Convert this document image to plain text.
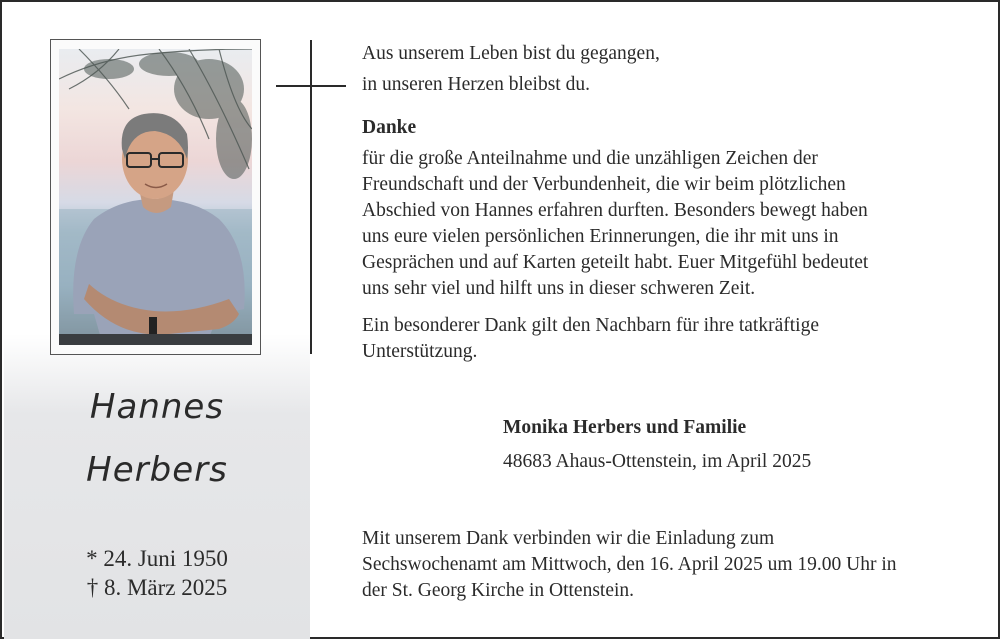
Hannes
Herbers
* 24. Juni 1950
† 8. März 2025
Aus unserem Leben bist du gegangen,
in unseren Herzen bleibst du.
Danke
für die große Anteilnahme und die unzähligen Zeichen der
Freundschaft und der Verbundenheit, die wir beim plötzlichen
Abschied von Hannes erfahren durften. Besonders bewegt haben
uns eure vielen persönlichen Erinnerungen, die ihr mit uns in
Gesprächen und auf Karten geteilt habt. Euer Mitgefühl bedeutet
uns sehr viel und hilft uns in dieser schweren Zeit.
Ein besonderer Dank gilt den Nachbarn für ihre tatkräftige
Unterstützung.
Monika Herbers und Familie
48683 Ahaus-Ottenstein, im April 2025
Mit unserem Dank verbinden wir die Einladung zum
Sechswochenamt am Mittwoch, den 16. April 2025 um 19.00 Uhr in
der St. Georg Kirche in Ottenstein.
